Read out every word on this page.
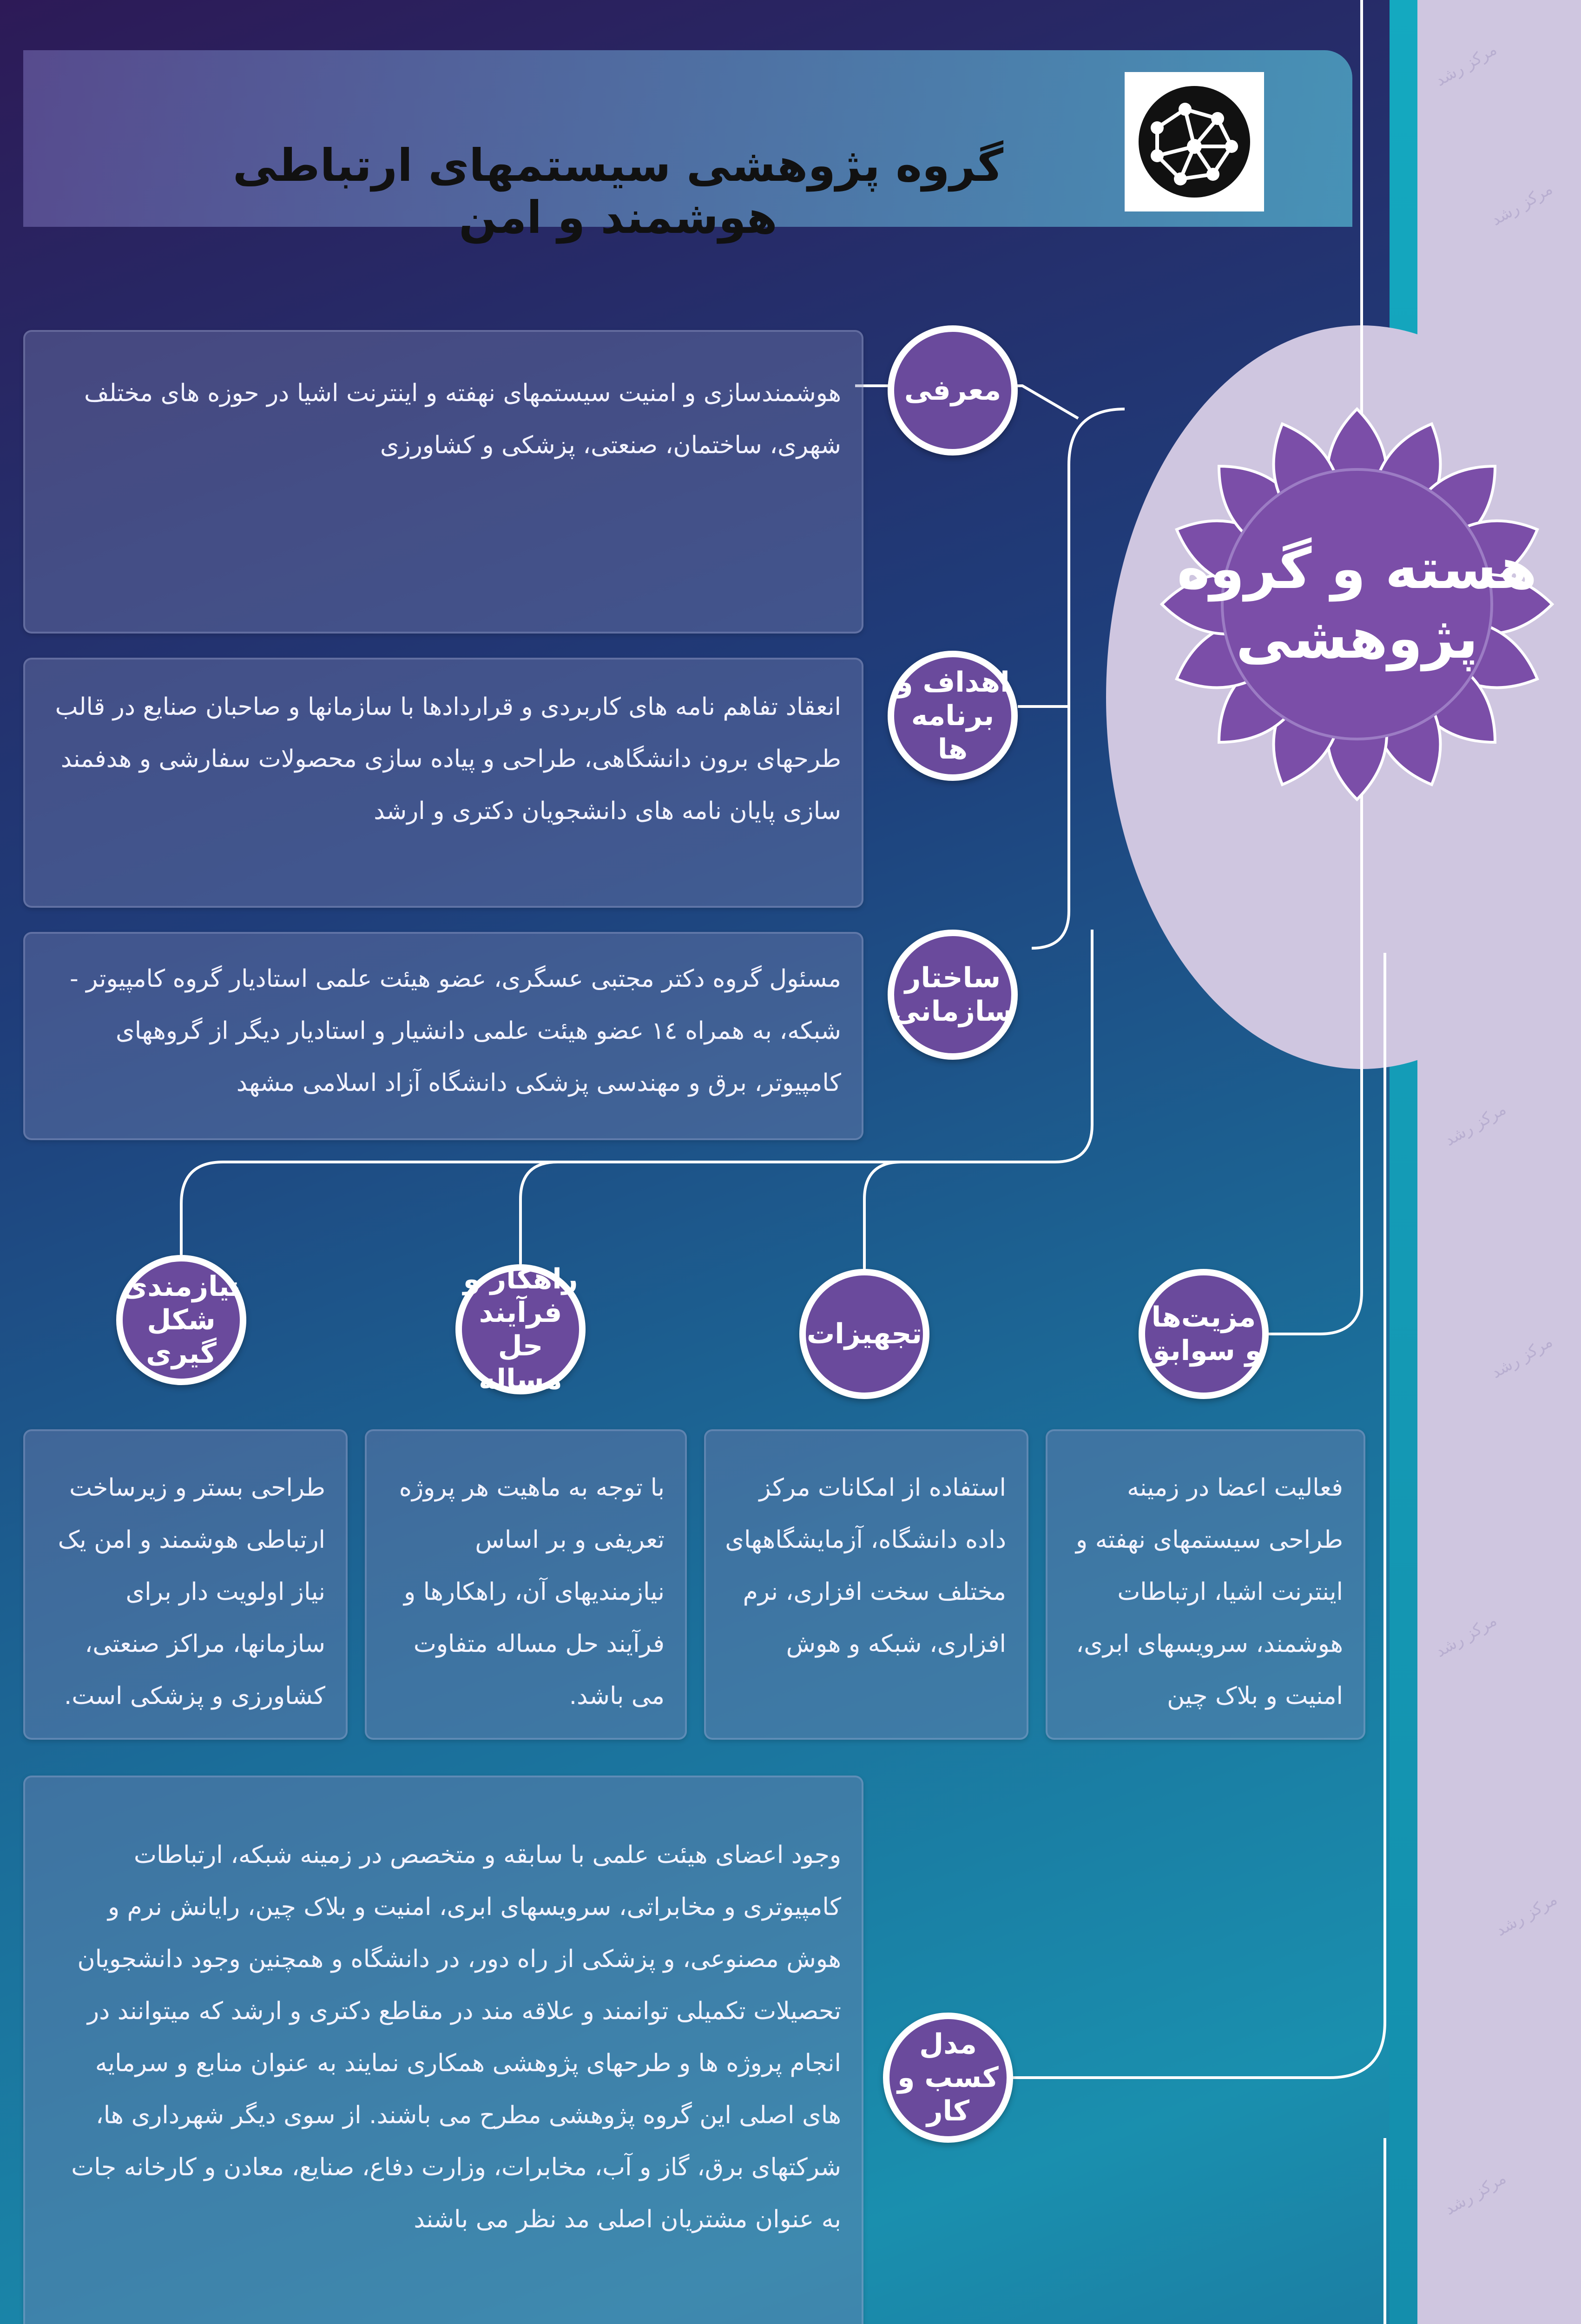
مرکز رشد
مرکز رشد
مرکز رشد
مرکز رشد
مرکز رشد
مرکز رشد
مرکز رشد
گروه پژوهشی سیستمهای ارتباطی هوشمند و امن
هسته و گروه
پژوهشی
هوشمندسازی و امنیت سیستمهای نهفته و اینترنت اشیا در حوزه های مختلف شهری، ساختمان، صنعتی، پزشکی و کشاورزی
معرفی
انعقاد تفاهم نامه های کاربردی و قراردادها با سازمانها و صاحبان صنایع در قالب طرحهای برون دانشگاهی، طراحی و پیاده سازی محصولات سفارشی و هدفمند سازی پایان نامه های دانشجویان دکتری و ارشد
اهداف و برنامه ها
مسئول گروه دکتر مجتبی عسگری، عضو هیئت علمی استادیار گروه کامپیوتر - شبکه، به همراه ١٤ عضو هیئت علمی دانشیار و استادیار دیگر از گروههای کامپیوتر، برق و مهندسی پزشکی دانشگاه آزاد اسلامی مشهد
ساختار سازمانی
مزیت‌ها و سوابق
تجهیزات
راهکار و فرآیند حل مساله
نیازمندی شکل گیری
فعالیت اعضا در زمینه طراحی سیستمهای نهفته و اینترنت اشیا، ارتباطات هوشمند، سرویسهای ابری، امنیت و بلاک چین
استفاده از امکانات مرکز داده دانشگاه، آزمایشگاههای مختلف سخت افزاری، نرم افزاری، شبکه و هوش
با توجه به ماهیت هر پروژه تعریفی و بر اساس نیازمندیهای آن، راهکارها و فرآیند حل مساله متفاوت می باشد.
طراحی بستر و زیرساخت ارتباطی هوشمند و امن یک نیاز اولویت دار برای سازمانها، مراکز صنعتی، کشاورزی و پزشکی است.
وجود اعضای هیئت علمی با سابقه و متخصص در زمینه شبکه، ارتباطات کامپیوتری و مخابراتی، سرویسهای ابری، امنیت و بلاک چین، رایانش نرم و هوش مصنوعی، و پزشکی از راه دور، در دانشگاه و همچنین وجود دانشجویان تحصیلات تکمیلی توانمند و علاقه مند در مقاطع دکتری و ارشد که میتوانند در انجام پروژه ها و طرحهای پژوهشی همکاری نمایند به عنوان منابع و سرمایه های اصلی این گروه پژوهشی مطرح می باشند. از سوی دیگر شهرداری ها، شرکتهای برق، گاز و آب، مخابرات، وزارت دفاع، صنایع، معادن و کارخانه جات به عنوان مشتریان اصلی مد نظر می باشند
مدل کسب و کار
